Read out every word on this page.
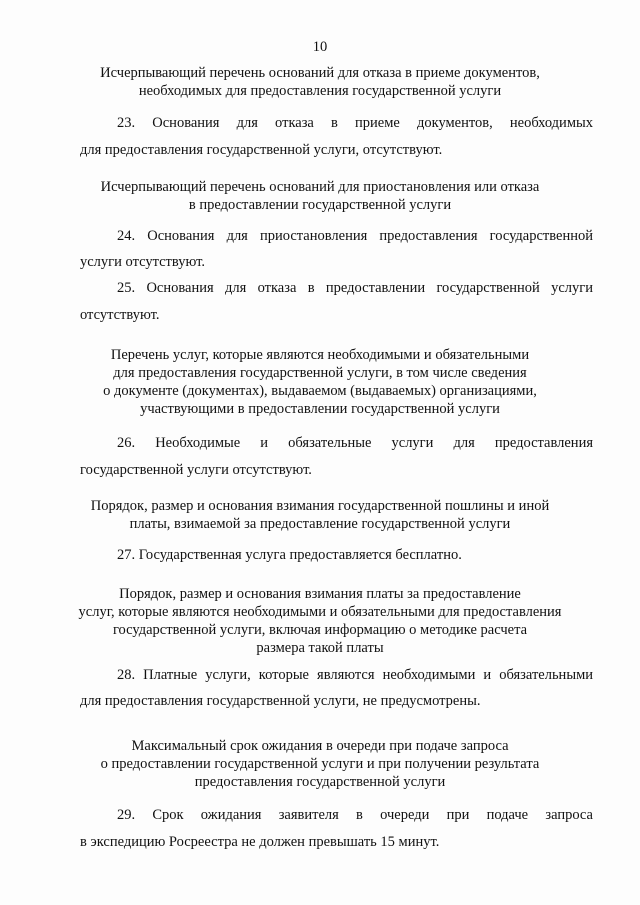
10
Исчерпывающий перечень оснований для отказа в приеме документов,
необходимых для предоставления государственной услуги
23. Основания для отказа в приеме документов, необходимых
для предоставления государственной услуги, отсутствуют.
Исчерпывающий перечень оснований для приостановления или отказа
в предоставлении государственной услуги
24. Основания для приостановления предоставления государственной
услуги отсутствуют.
25. Основания для отказа в предоставлении государственной услуги
отсутствуют.
Перечень услуг, которые являются необходимыми и обязательными
для предоставления государственной услуги, в том числе сведения
о документе (документах), выдаваемом (выдаваемых) организациями,
участвующими в предоставлении государственной услуги
26. Необходимые и обязательные услуги для предоставления
государственной услуги отсутствуют.
Порядок, размер и основания взимания государственной пошлины и иной
платы, взимаемой за предоставление государственной услуги
27. Государственная услуга предоставляется бесплатно.
Порядок, размер и основания взимания платы за предоставление
услуг, которые являются необходимыми и обязательными для предоставления
государственной услуги, включая информацию о методике расчета
размера такой платы
28. Платные услуги, которые являются необходимыми и обязательными
для предоставления государственной услуги, не предусмотрены.
Максимальный срок ожидания в очереди при подаче запроса
о предоставлении государственной услуги и при получении результата
предоставления государственной услуги
29. Срок ожидания заявителя в очереди при подаче запроса
в экспедицию Росреестра не должен превышать 15 минут.
